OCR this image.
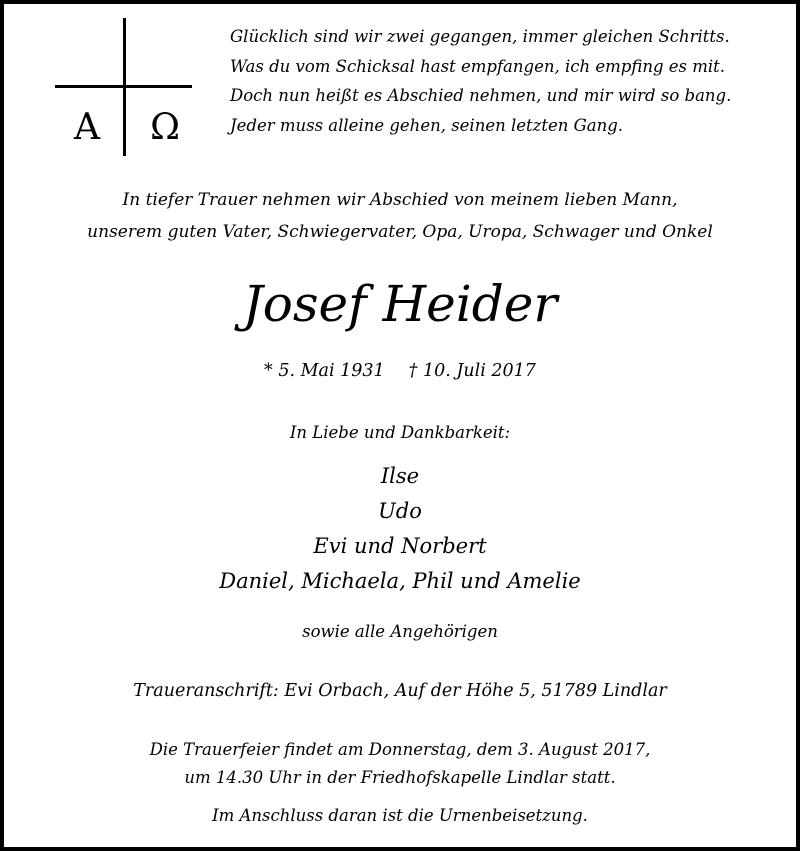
A	Ω
Glücklich sind wir zwei gegangen, immer gleichen Schritts.
Was du vom Schicksal hast empfangen, ich empfing es mit.
Doch nun heißt es Abschied nehmen, und mir wird so bang.
Jeder muss alleine gehen, seinen letzten Gang.
In tiefer Trauer nehmen wir Abschied von meinem lieben Mann,
unserem guten Vater, Schwiegervater, Opa, Uropa, Schwager und Onkel
Josef Heider
* 5. Mai 1931 † 10. Juli 2017
In Liebe und Dankbarkeit:
Ilse
Udo
Evi und Norbert
Daniel, Michaela, Phil und Amelie
sowie alle Angehörigen
Traueranschrift: Evi Orbach, Auf der Höhe 5, 51789 Lindlar
Die Trauerfeier findet am Donnerstag, dem 3. August 2017,
um 14.30 Uhr in der Friedhofskapelle Lindlar statt.
Im Anschluss daran ist die Urnenbeisetzung.
